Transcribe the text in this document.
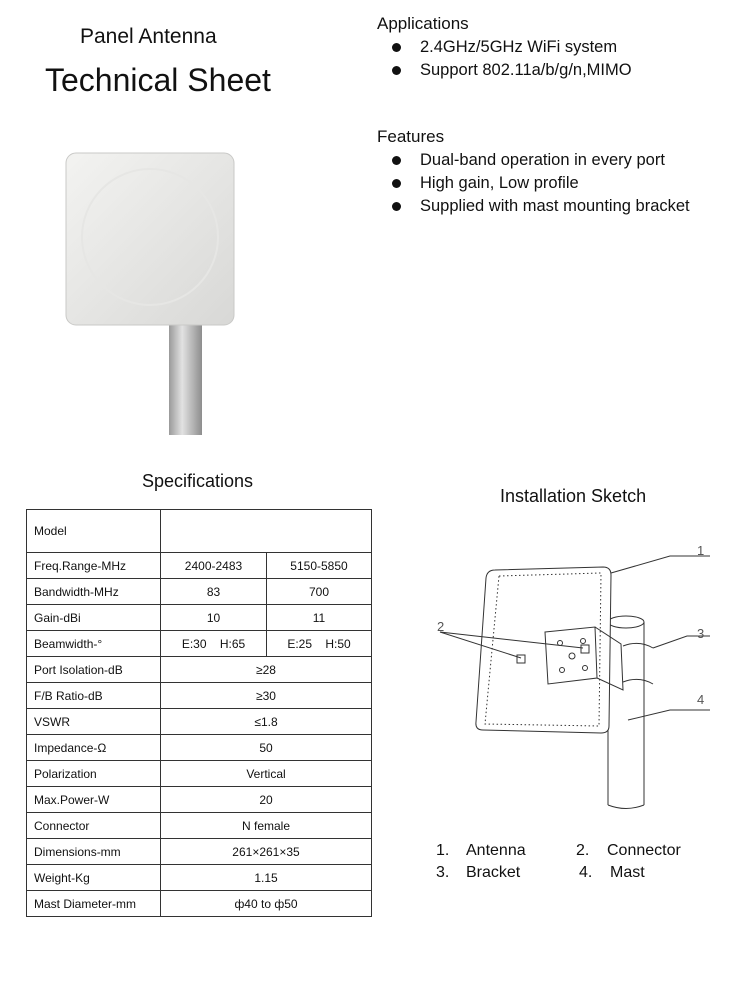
Panel Antenna
Technical Sheet
Applications
2.4GHz/5GHz WiFi system
Support 802.11a/b/g/n,MIMO
Features
Dual-band operation in every port
High gain, Low profile
Supplied with mast mounting bracket
Specifications
Model		
Freq.Range-MHz	2400-2483	5150-5850
Bandwidth-MHz	83	700
Gain-dBi	10	11
Beamwidth-°	E:30    H:65	E:25    H:50
Port Isolation-dB	≥28	
F/B Ratio-dB	≥30	
VSWR	≤1.8	
Impedance-Ω	50	
Polarization	Vertical	
Max.Power-W	20	
Connector	N female	
Dimensions-mm	261×261×35	
Weight-Kg	1.15	
Mast Diameter-mm	ф40 to ф50	
Installation Sketch
1
2	3
4
1. Antenna	2. Connector
3. Bracket	4. Mast
